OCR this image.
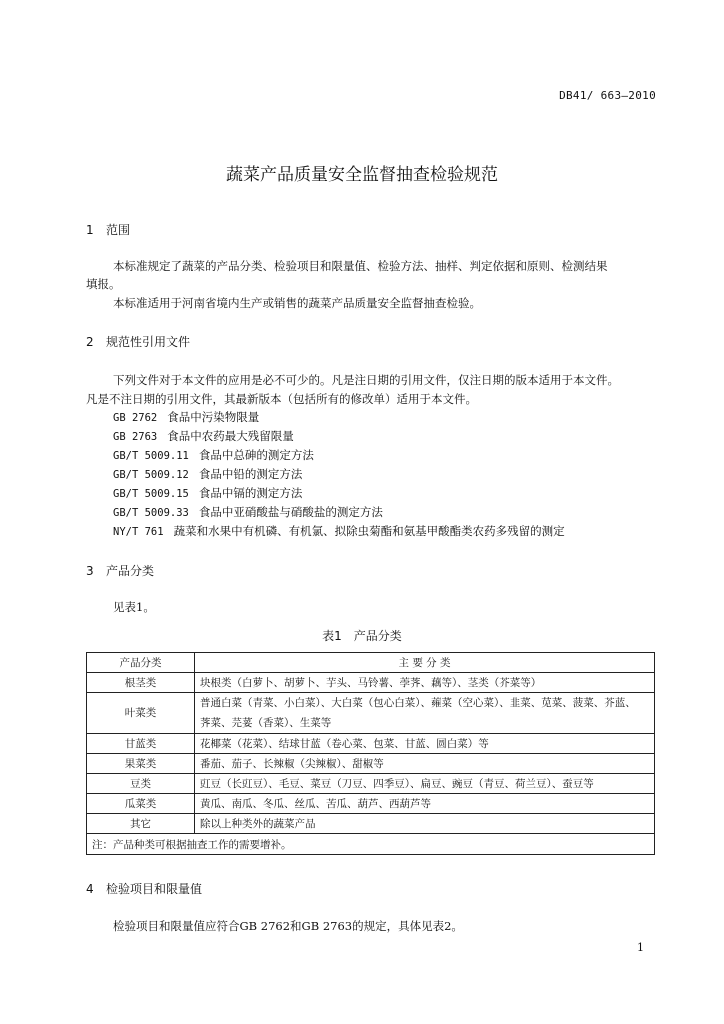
DB41/ 663—2010
蔬菜产品质量安全监督抽查检验规范
1 范围
本标准规定了蔬菜的产品分类、检验项目和限量值、检验方法、抽样、判定依据和原则、检测结果
填报。
本标准适用于河南省境内生产或销售的蔬菜产品质量安全监督抽查检验。
2 规范性引用文件
下列文件对于本文件的应用是必不可少的。凡是注日期的引用文件，仅注日期的版本适用于本文件。
凡是不注日期的引用文件，其最新版本（包括所有的修改单）适用于本文件。
GB 2762 食品中污染物限量
GB 2763 食品中农药最大残留限量
GB/T 5009.11 食品中总砷的测定方法
GB/T 5009.12 食品中铅的测定方法
GB/T 5009.15 食品中镉的测定方法
GB/T 5009.33 食品中亚硝酸盐与硝酸盐的测定方法
NY/T 761 蔬菜和水果中有机磷、有机氯、拟除虫菊酯和氨基甲酸酯类农药多残留的测定
3 产品分类
见表1。
表1　产品分类
产品分类	主 要 分 类
根茎类	块根类（白萝卜、胡萝卜、芋头、马铃薯、荸荠、藕等）、茎类（芥菜等）
叶菜类	普通白菜（青菜、小白菜）、大白菜（包心白菜）、蕹菜（空心菜）、韭菜、苋菜、菠菜、芥蓝、
荠菜、芫荽（香菜）、生菜等
甘蓝类	花椰菜（花菜）、结球甘蓝（卷心菜、包菜、甘蓝、圆白菜）等
果菜类	番茄、茄子、长辣椒（尖辣椒）、甜椒等
豆类	豇豆（长豇豆）、毛豆、菜豆（刀豆、四季豆）、扁豆、豌豆（青豆、荷兰豆）、蚕豆等
瓜菜类	黄瓜、南瓜、冬瓜、丝瓜、苦瓜、葫芦、西葫芦等
其它	除以上种类外的蔬菜产品
注：产品种类可根据抽查工作的需要增补。	
4 检验项目和限量值
检验项目和限量值应符合GB 2762和GB 2763的规定，具体见表2。
1
